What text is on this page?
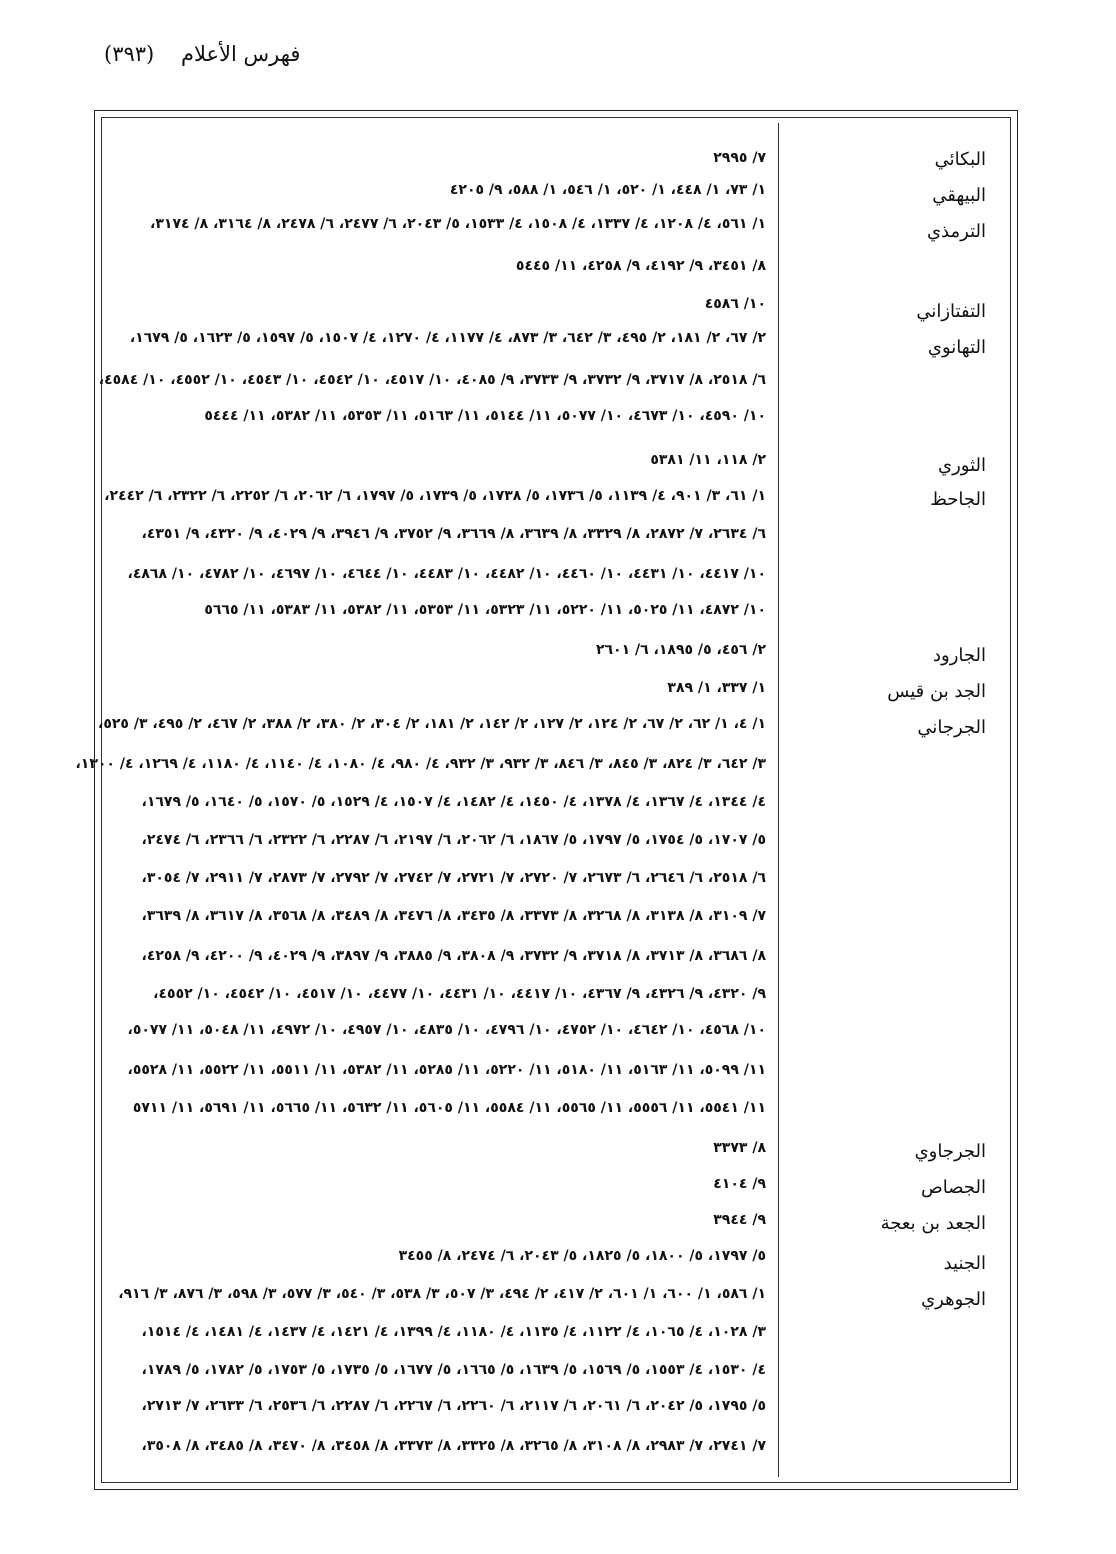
فهرس الأعلام    (٣٩٣)
البكائي
٧/ ٢٩٩٥
البيهقي
١/ ٧٣، ١/ ٤٤٨، ١/ ٥٢٠، ١/ ٥٤٦، ١/ ٥٨٨، ٩/ ٤٢٠٥
الترمذي
١/ ٥٦١، ٤/ ١٢٠٨، ٤/ ١٣٣٧، ٤/ ١٥٠٨، ٤/ ١٥٣٣، ٥/ ٢٠٤٣، ٦/ ٢٤٧٧، ٦/ ٢٤٧٨، ٨/ ٣١٦٤، ٨/ ٣١٧٤،
٨/ ٣٤٥١، ٩/ ٤١٩٢، ٩/ ٤٢٥٨، ١١/ ٥٤٤٥
التفتازاني
١٠/ ٤٥٨٦
التهانوي
٢/ ٦٧، ٢/ ١٨١، ٢/ ٤٩٥، ٣/ ٦٤٢، ٣/ ٨٧٣، ٤/ ١١٧٧، ٤/ ١٢٧٠، ٤/ ١٥٠٧، ٥/ ١٥٩٧، ٥/ ١٦٢٣، ٥/ ١٦٧٩،
٦/ ٢٥١٨، ٨/ ٣٧١٧، ٩/ ٣٧٣٢، ٩/ ٣٧٣٣، ٩/ ٤٠٨٥، ١٠/ ٤٥١٧، ١٠/ ٤٥٤٢، ١٠/ ٤٥٤٣، ١٠/ ٤٥٥٢، ١٠/ ٤٥٨٤،
١٠/ ٤٥٩٠، ١٠/ ٤٦٧٣، ١٠/ ٥٠٧٧، ١١/ ٥١٤٤، ١١/ ٥١٦٣، ١١/ ٥٣٥٣، ١١/ ٥٣٨٢، ١١/ ٥٤٤٤
الثوري
٢/ ١١٨، ١١/ ٥٣٨١
الجاحظ
١/ ٦١، ٣/ ٩٠١، ٤/ ١١٣٩، ٥/ ١٧٣٦، ٥/ ١٧٣٨، ٥/ ١٧٣٩، ٥/ ١٧٩٧، ٦/ ٢٠٦٢، ٦/ ٢٢٥٢، ٦/ ٢٣٢٢، ٦/ ٢٤٤٢،
٦/ ٢٦٣٤، ٧/ ٢٨٧٢، ٨/ ٣٣٢٩، ٨/ ٣٦٣٩، ٨/ ٣٦٦٩، ٩/ ٣٧٥٢، ٩/ ٣٩٤٦، ٩/ ٤٠٢٩، ٩/ ٤٣٢٠، ٩/ ٤٣٥١،
١٠/ ٤٤١٧، ١٠/ ٤٤٣١، ١٠/ ٤٤٦٠، ١٠/ ٤٤٨٢، ١٠/ ٤٤٨٣، ١٠/ ٤٦٤٤، ١٠/ ٤٦٩٧، ١٠/ ٤٧٨٢، ١٠/ ٤٨٦٨،
١٠/ ٤٨٧٢، ١١/ ٥٠٢٥، ١١/ ٥٢٢٠، ١١/ ٥٣٢٣، ١١/ ٥٣٥٣، ١١/ ٥٣٨٢، ١١/ ٥٣٨٣، ١١/ ٥٦٦٥
الجارود
٢/ ٤٥٦، ٥/ ١٨٩٥، ٦/ ٢٦٠١
الجد بن قيس
١/ ٣٣٧، ١/ ٣٨٩
الجرجاني
١/ ٤، ١/ ٦٢، ٢/ ٦٧، ٢/ ١٢٤، ٢/ ١٢٧، ٢/ ١٤٢، ٢/ ١٨١، ٢/ ٣٠٤، ٢/ ٣٨٠، ٢/ ٣٨٨، ٢/ ٤٦٧، ٢/ ٤٩٥، ٣/ ٥٢٥،
٣/ ٦٤٢، ٣/ ٨٢٤، ٣/ ٨٤٥، ٣/ ٨٤٦، ٣/ ٩٣٢، ٣/ ٩٣٢، ٤/ ٩٨٠، ٤/ ١٠٨٠، ٤/ ١١٤٠، ٤/ ١١٨٠، ٤/ ١٢٦٩، ٤/ ١٣٠٠،
٤/ ١٣٤٤، ٤/ ١٣٦٧، ٤/ ١٣٧٨، ٤/ ١٤٥٠، ٤/ ١٤٨٢، ٤/ ١٥٠٧، ٤/ ١٥٢٩، ٥/ ١٥٧٠، ٥/ ١٦٤٠، ٥/ ١٦٧٩،
٥/ ١٧٠٧، ٥/ ١٧٥٤، ٥/ ١٧٩٧، ٥/ ١٨٦٧، ٦/ ٢٠٦٢، ٦/ ٢١٩٧، ٦/ ٢٢٨٧، ٦/ ٢٣٢٢، ٦/ ٢٣٦٦، ٦/ ٢٤٧٤،
٦/ ٢٥١٨، ٦/ ٢٦٤٦، ٦/ ٢٦٧٣، ٧/ ٢٧٢٠، ٧/ ٢٧٢١، ٧/ ٢٧٤٢، ٧/ ٢٧٩٢، ٧/ ٢٨٧٣، ٧/ ٢٩١١، ٧/ ٣٠٥٤،
٧/ ٣١٠٩، ٨/ ٣١٣٨، ٨/ ٣٢٦٨، ٨/ ٣٣٧٣، ٨/ ٣٤٣٥، ٨/ ٣٤٧٦، ٨/ ٣٤٨٩، ٨/ ٣٥٦٨، ٨/ ٣٦١٧، ٨/ ٣٦٣٩،
٨/ ٣٦٨٦، ٨/ ٣٧١٣، ٨/ ٣٧١٨، ٩/ ٣٧٣٢، ٩/ ٣٨٠٨، ٩/ ٣٨٨٥، ٩/ ٣٨٩٧، ٩/ ٤٠٢٩، ٩/ ٤٢٠٠، ٩/ ٤٢٥٨،
٩/ ٤٣٢٠، ٩/ ٤٣٢٦، ٩/ ٤٣٦٧، ١٠/ ٤٤١٧، ١٠/ ٤٤٣١، ١٠/ ٤٤٧٧، ١٠/ ٤٥١٧، ١٠/ ٤٥٤٢، ١٠/ ٤٥٥٢،
١٠/ ٤٥٦٨، ١٠/ ٤٦٤٢، ١٠/ ٤٧٥٢، ١٠/ ٤٧٩٦، ١٠/ ٤٨٣٥، ١٠/ ٤٩٥٧، ١٠/ ٤٩٧٢، ١١/ ٥٠٤٨، ١١/ ٥٠٧٧،
١١/ ٥٠٩٩، ١١/ ٥١٦٣، ١١/ ٥١٨٠، ١١/ ٥٢٢٠، ١١/ ٥٢٨٥، ١١/ ٥٣٨٢، ١١/ ٥٥١١، ١١/ ٥٥٢٢، ١١/ ٥٥٢٨،
١١/ ٥٥٤١، ١١/ ٥٥٥٦، ١١/ ٥٥٦٥، ١١/ ٥٥٨٤، ١١/ ٥٦٠٥، ١١/ ٥٦٣٢، ١١/ ٥٦٦٥، ١١/ ٥٦٩١، ١١/ ٥٧١١
الجرجاوي
٨/ ٣٣٧٣
الجصاص
٩/ ٤١٠٤
الجعد بن بعجة
٩/ ٣٩٤٤
الجنيد
٥/ ١٧٩٧، ٥/ ١٨٠٠، ٥/ ١٨٢٥، ٥/ ٢٠٤٣، ٦/ ٢٤٧٤، ٨/ ٣٤٥٥
الجوهري
١/ ٥٨٦، ١/ ٦٠٠، ١/ ٦٠١، ٢/ ٤١٧، ٢/ ٤٩٤، ٣/ ٥٠٧، ٣/ ٥٣٨، ٣/ ٥٤٠، ٣/ ٥٧٧، ٣/ ٥٩٨، ٣/ ٨٧٦، ٣/ ٩١٦،
٣/ ١٠٢٨، ٤/ ١٠٦٥، ٤/ ١١٢٢، ٤/ ١١٣٥، ٤/ ١١٨٠، ٤/ ١٣٩٩، ٤/ ١٤٢١، ٤/ ١٤٣٧، ٤/ ١٤٨١، ٤/ ١٥١٤،
٤/ ١٥٣٠، ٤/ ١٥٥٣، ٥/ ١٥٦٩، ٥/ ١٦٣٩، ٥/ ١٦٦٥، ٥/ ١٦٧٧، ٥/ ١٧٣٥، ٥/ ١٧٥٣، ٥/ ١٧٨٢، ٥/ ١٧٨٩،
٥/ ١٧٩٥، ٥/ ٢٠٤٢، ٦/ ٢٠٦١، ٦/ ٢١١٧، ٦/ ٢٢٦٠، ٦/ ٢٢٦٧، ٦/ ٢٢٨٧، ٦/ ٢٥٣٦، ٦/ ٢٦٣٣، ٧/ ٢٧١٣،
٧/ ٢٧٤١، ٧/ ٢٩٨٣، ٨/ ٣١٠٨، ٨/ ٣٢٦٥، ٨/ ٣٣٢٥، ٨/ ٣٣٧٣، ٨/ ٣٤٥٨، ٨/ ٣٤٧٠، ٨/ ٣٤٨٥، ٨/ ٣٥٠٨،
